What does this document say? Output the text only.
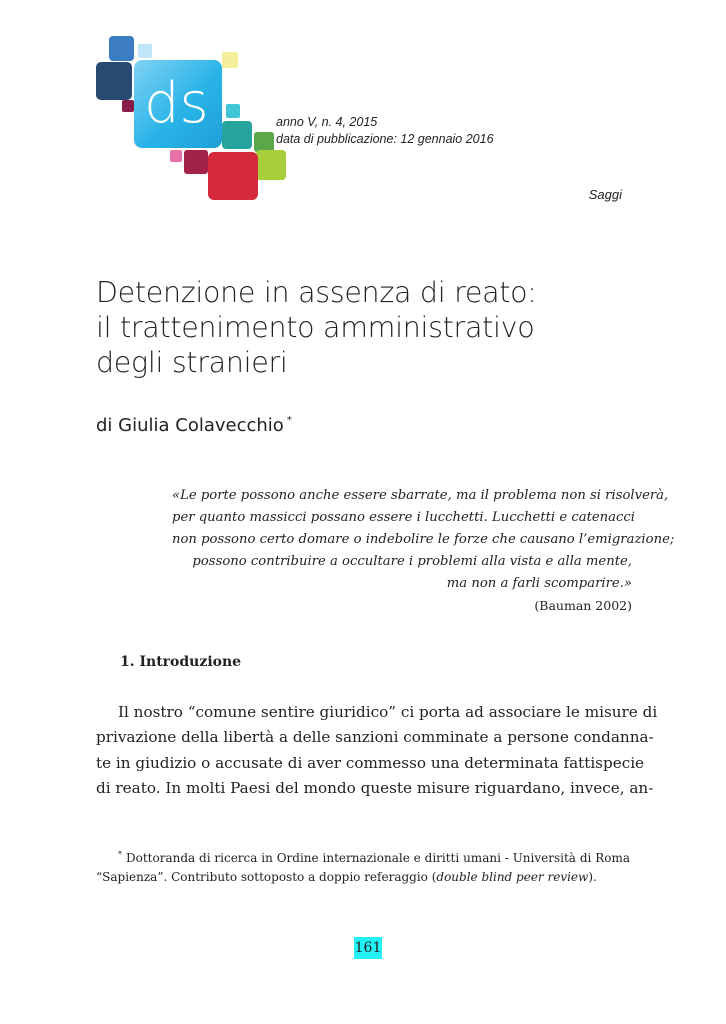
ds	anno V, n. 4, 2015
data di pubblicazione: 12 gennaio 2016
Saggi
Detenzione in assenza di reato:
il trattenimento amministrativo
degli stranieri
di Giulia Colavecchio *
«Le porte possono anche essere sbarrate, ma il problema non si risolverà,
per quanto massicci possano essere i lucchetti. Lucchetti e catenacci
non possono certo domare o indebolire le forze che causano l’emigrazione;
possono contribuire a occultare i problemi alla vista e alla mente,
ma non a farli scomparire.»
(Bauman 2002)
1. Introduzione
Il nostro “comune sentire giuridico” ci porta ad associare le misure di
privazione della libertà a delle sanzioni comminate a persone condanna-
te in giudizio o accusate di aver commesso una determinata fattispecie
di reato. In molti Paesi del mondo queste misure riguardano, invece, an-
* Dottoranda di ricerca in Ordine internazionale e diritti umani - Università di Roma
“Sapienza”. Contributo sottoposto a doppio referaggio (double blind peer review).
161
